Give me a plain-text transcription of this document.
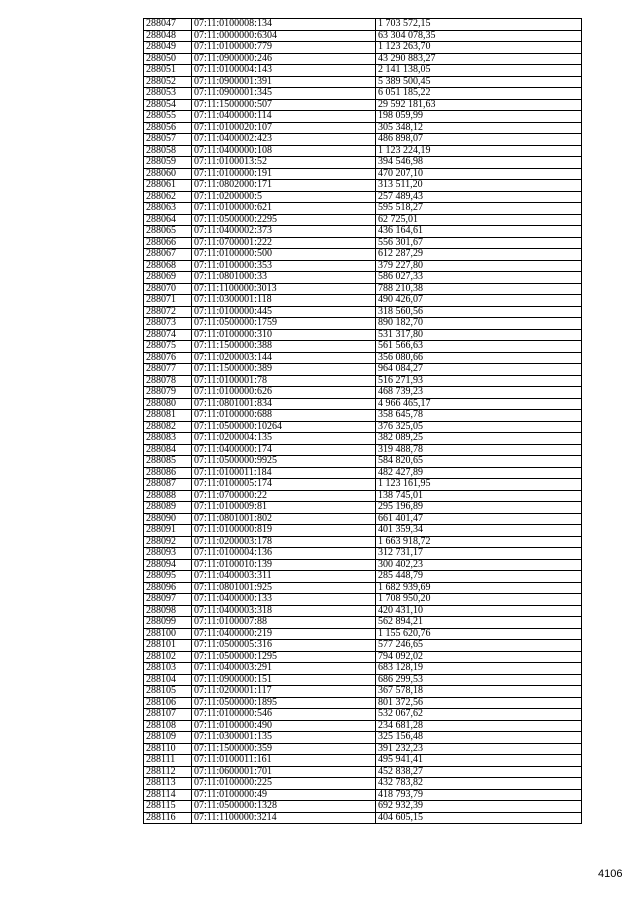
288047	07:11:0100008:134	1 703 572,15
288048	07:11:0000000:6304	63 304 078,35
288049	07:11:0100000:779	1 123 263,70
288050	07:11:0900000:246	43 290 883,27
288051	07:11:0100004:143	2 141 138,05
288052	07:11:0900001:391	5 389 500,45
288053	07:11:0900001:345	6 051 185,22
288054	07:11:1500000:507	29 592 181,63
288055	07:11:0400000:114	198 059,99
288056	07:11:0100020:107	305 348,12
288057	07:11:0400002:423	486 898,07
288058	07:11:0400000:108	1 123 224,19
288059	07:11:0100013:52	394 546,98
288060	07:11:0100000:191	470 207,10
288061	07:11:0802000:171	313 511,20
288062	07:11:0200000:5	257 489,43
288063	07:11:0100000:621	595 518,27
288064	07:11:0500000:2295	62 725,01
288065	07:11:0400002:373	436 164,61
288066	07:11:0700001:222	556 301,67
288067	07:11:0100000:500	612 287,29
288068	07:11:0100000:353	379 227,80
288069	07:11:0801000:33	586 027,33
288070	07:11:1100000:3013	788 210,38
288071	07:11:0300001:118	490 426,07
288072	07:11:0100000:445	318 560,56
288073	07:11:0500000:1759	890 182,70
288074	07:11:0100000:310	531 317,80
288075	07:11:1500000:388	561 566,63
288076	07:11:0200003:144	356 080,66
288077	07:11:1500000:389	964 084,27
288078	07:11:0100001:78	516 271,93
288079	07:11:0100000:626	468 739,23
288080	07:11:0801001:834	4 966 465,17
288081	07:11:0100000:688	358 645,78
288082	07:11:0500000:10264	376 325,05
288083	07:11:0200004:135	382 089,25
288084	07:11:0400000:174	319 488,78
288085	07:11:0500000:9925	584 820,65
288086	07:11:0100011:184	482 427,89
288087	07:11:0100005:174	1 123 161,95
288088	07:11:0700000:22	138 745,01
288089	07:11:0100009:81	295 196,89
288090	07:11:0801001:802	661 401,47
288091	07:11:0100000:819	401 359,34
288092	07:11:0200003:178	1 663 918,72
288093	07:11:0100004:136	312 731,17
288094	07:11:0100010:139	300 402,23
288095	07:11:0400003:311	285 448,79
288096	07:11:0801001:925	1 682 939,69
288097	07:11:0400000:133	1 708 950,20
288098	07:11:0400003:318	420 431,10
288099	07:11:0100007:88	562 894,21
288100	07:11:0400000:219	1 155 620,76
288101	07:11:0500005:316	577 246,65
288102	07:11:0500000:1295	794 092,02
288103	07:11:0400003:291	683 128,19
288104	07:11:0900000:151	686 299,53
288105	07:11:0200001:117	367 578,18
288106	07:11:0500000:1895	801 372,56
288107	07:11:0100000:546	532 067,62
288108	07:11:0100000:490	234 681,28
288109	07:11:0300001:135	325 156,48
288110	07:11:1500000:359	391 232,23
288111	07:11:0100011:161	495 941,41
288112	07:11:0600001:701	452 838,27
288113	07:11:0100000:225	432 783,82
288114	07:11:0100000:49	418 793,79
288115	07:11:0500000:1328	692 932,39
288116	07:11:1100000:3214	404 605,15
4106
